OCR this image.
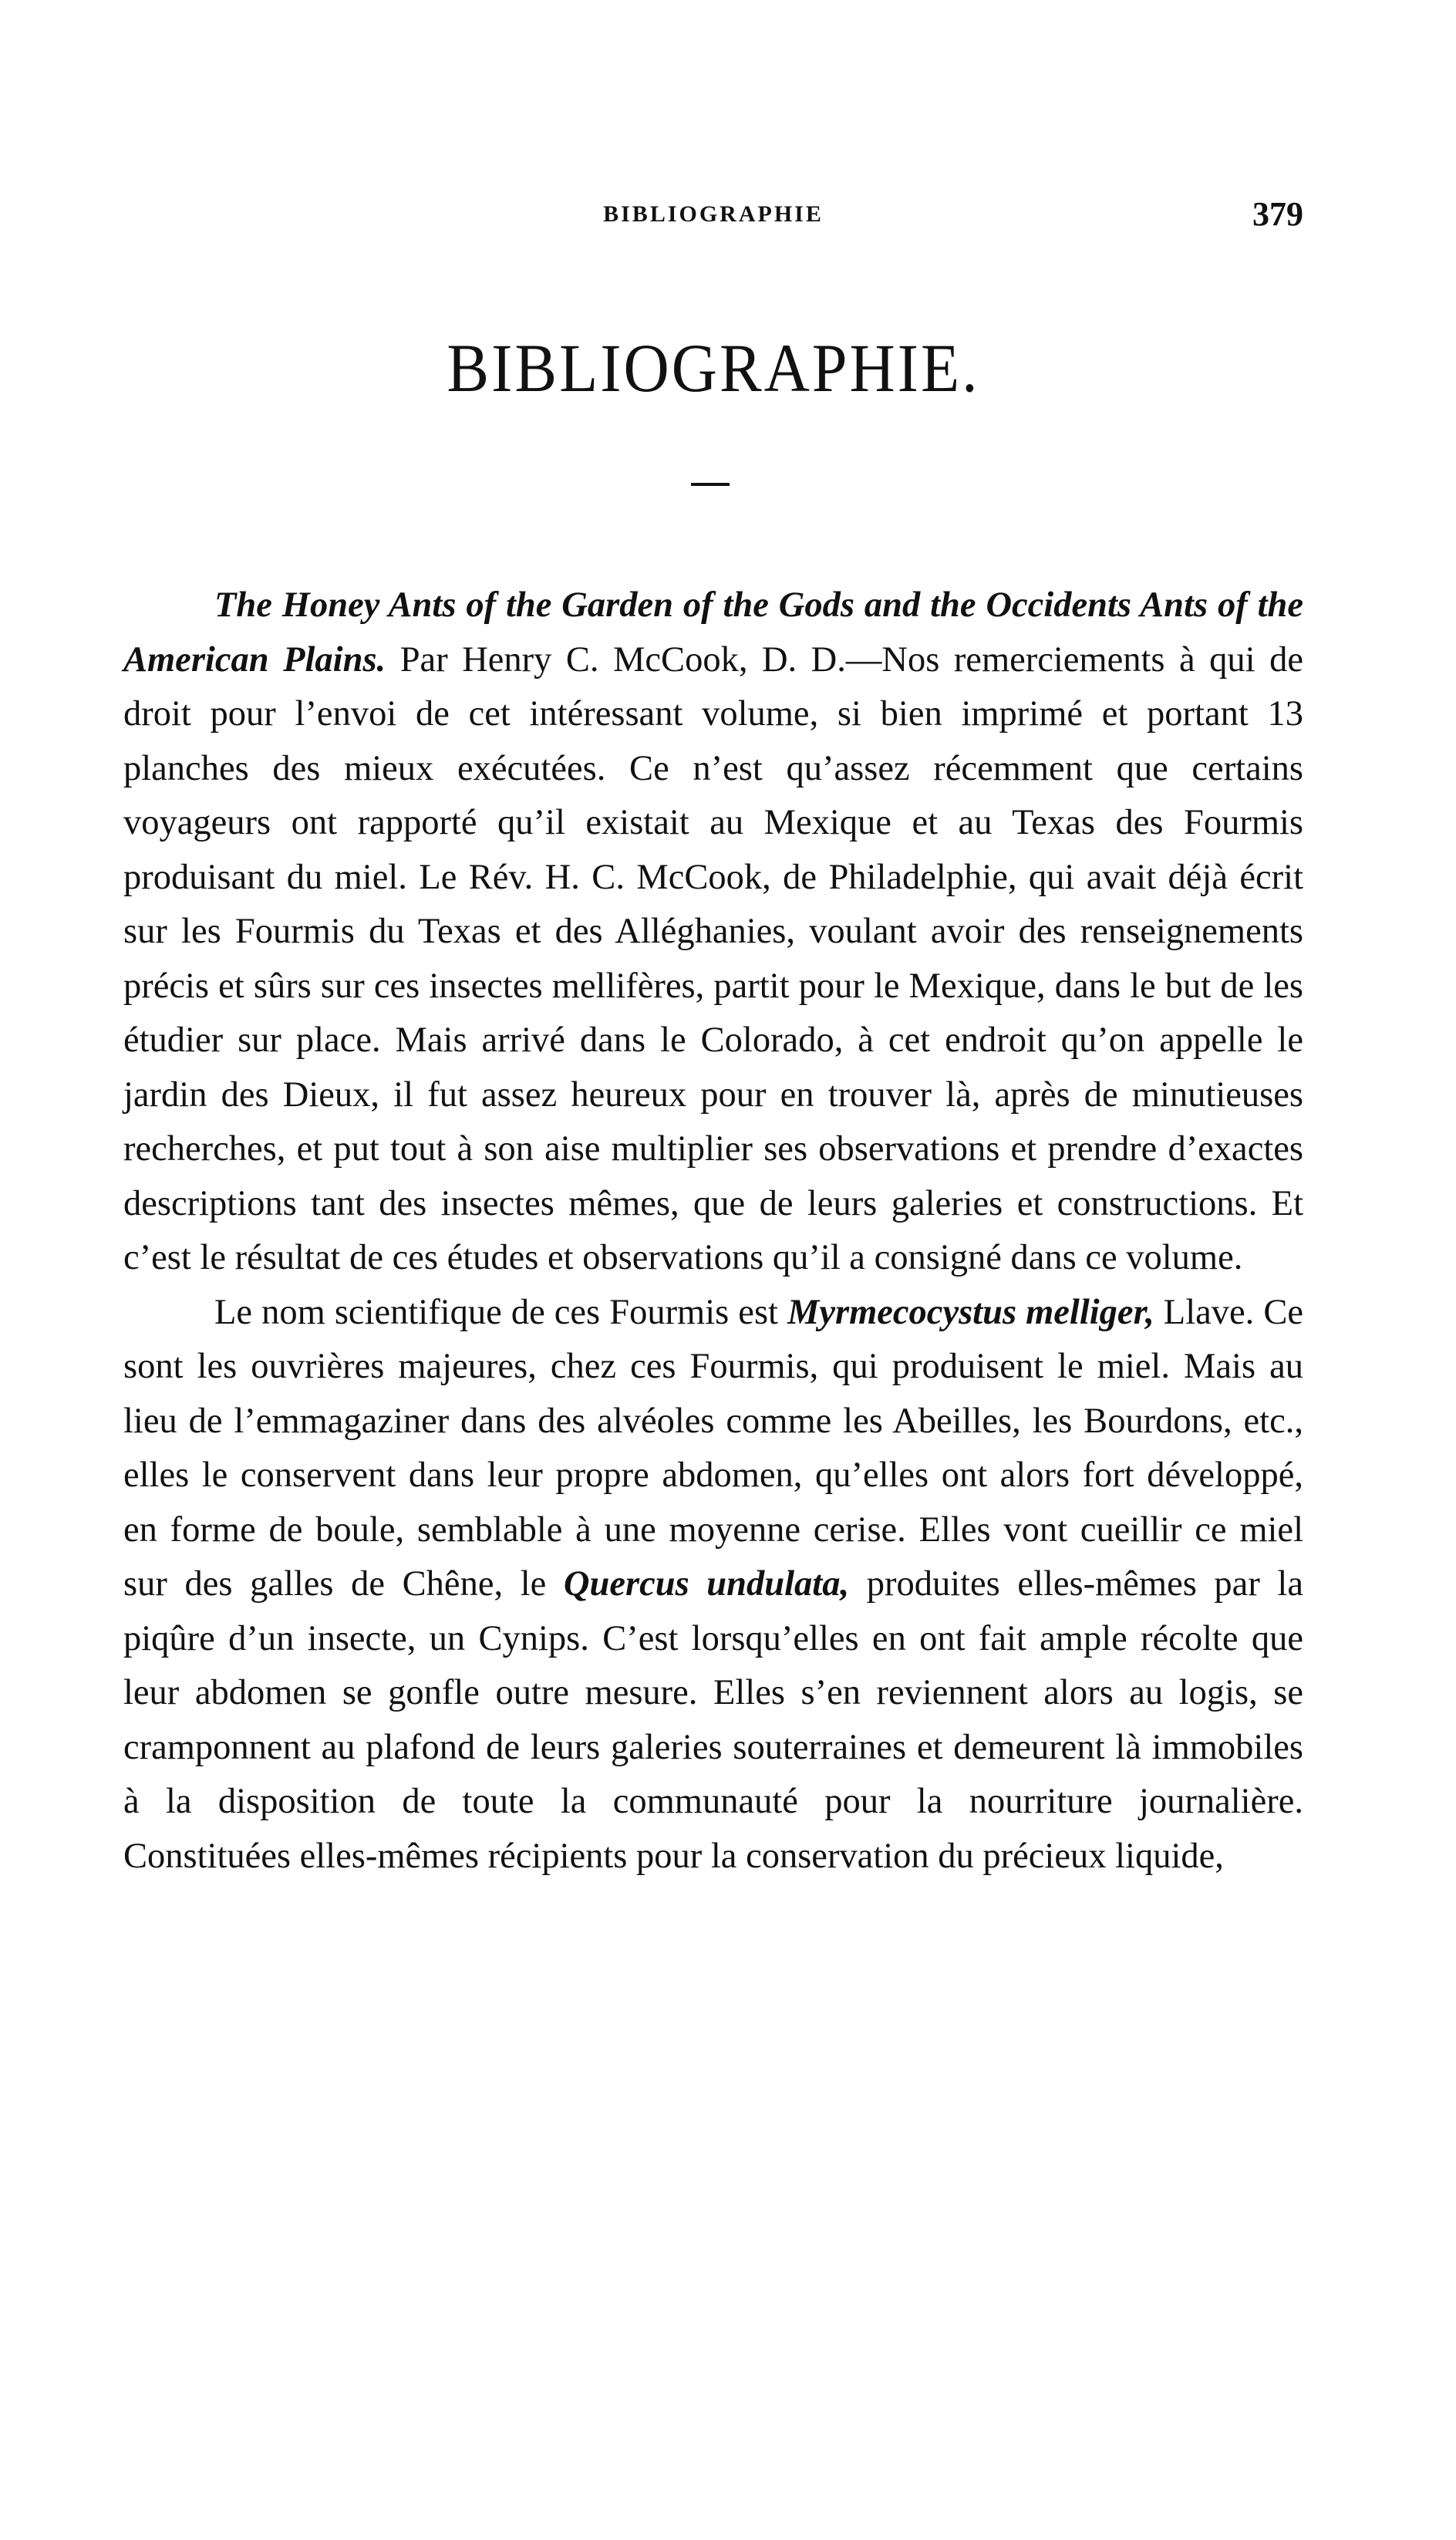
BIBLIOGRAPHIE	379
BIBLIOGRAPHIE.

The Honey Ants of the Garden of the Gods and the Occidents Ants of the American Plains. Par Henry C. McCook, D. D.—Nos remerciements à qui de droit pour l’envoi de cet intéressant volume, si bien imprimé et portant 13 planches des mieux exécutées. Ce n’est qu’assez récemment que certains voyageurs ont rapporté qu’il existait au Mexique et au Texas des Fourmis produisant du miel. Le Rév. H. C. McCook, de Philadelphie, qui avait déjà écrit sur les Fourmis du Texas et des Alléghanies, voulant avoir des renseignements précis et sûrs sur ces insectes mellifères, partit pour le Mexique, dans le but de les étudier sur place. Mais arrivé dans le Colorado, à cet endroit qu’on appelle le jardin des Dieux, il fut assez heureux pour en trouver là, après de minutieuses recherches, et put tout à son aise multiplier ses observations et prendre d’exactes descriptions tant des insectes mêmes, que de leurs galeries et constructions. Et c’est le résultat de ces études et observations qu’il a consigné dans ce volume.

Le nom scientifique de ces Fourmis est Myrmecocystus melliger, Llave. Ce sont les ouvrières majeures, chez ces Fourmis, qui produisent le miel. Mais au lieu de l’emmagaziner dans des alvéoles comme les Abeilles, les Bourdons, etc., elles le conservent dans leur propre abdomen, qu’elles ont alors fort développé, en forme de boule, semblable à une moyenne cerise. Elles vont cueillir ce miel sur des galles de Chêne, le Quercus undulata, produites elles-mêmes par la piqûre d’un insecte, un Cynips. C’est lorsqu’elles en ont fait ample récolte que leur abdomen se gonfle outre mesure. Elles s’en reviennent alors au logis, se cramponnent au plafond de leurs galeries souterraines et demeurent là immobiles à la disposition de toute la communauté pour la nourriture journalière. Constituées elles-mêmes récipients pour la conservation du précieux liquide,
